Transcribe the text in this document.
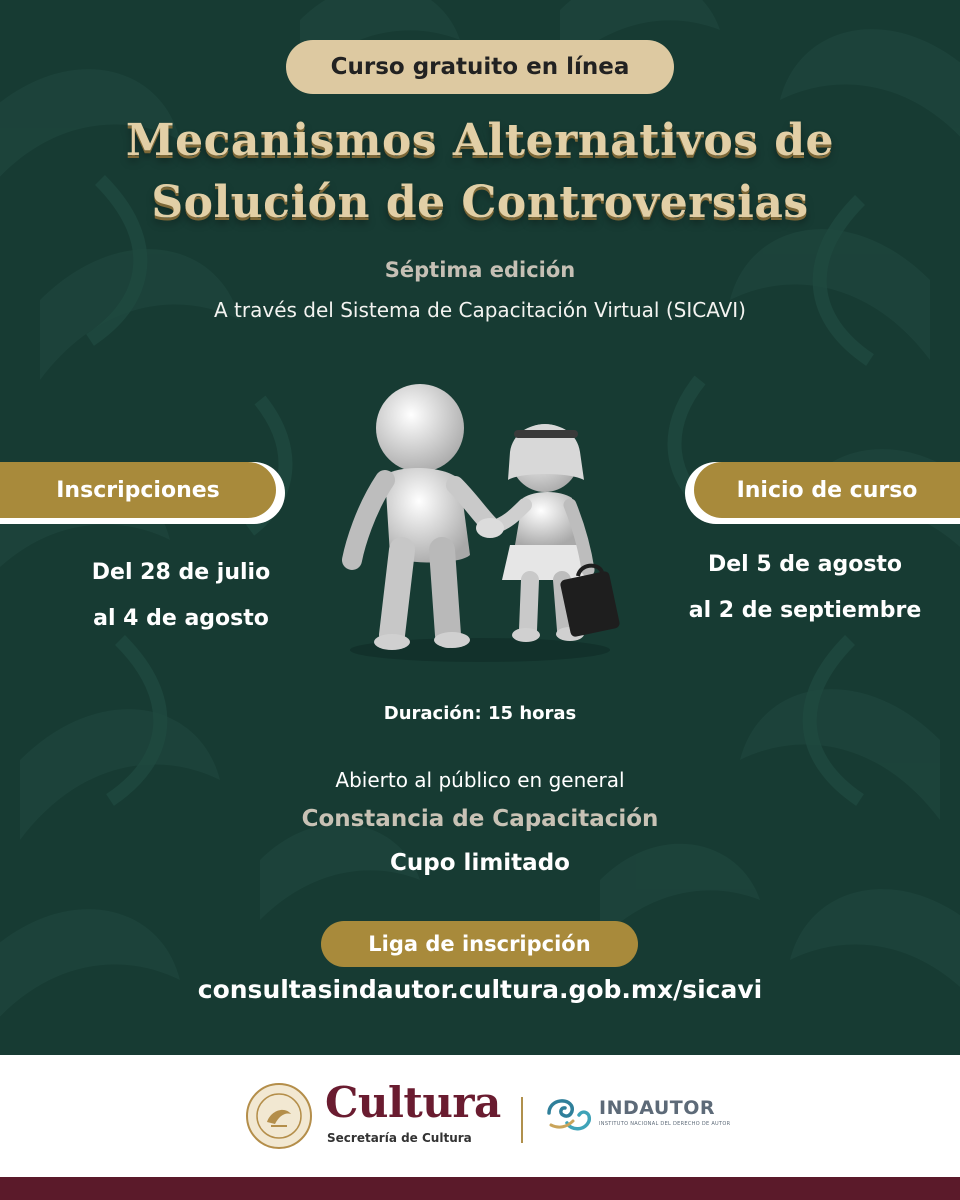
Curso gratuito en línea
Mecanismos Alternativos de
Solución de Controversias
Séptima edición
A través del Sistema de Capacitación Virtual (SICAVI)
Inscripciones
Del 28 de julio
al 4 de agosto
Inicio de curso
Del 5 de agosto
al 2 de septiembre
Duración: 15 horas
Abierto al público en general
Constancia de Capacitación
Cupo limitado
Liga de inscripción
consultasindautor.cultura.gob.mx/sicavi
Cultura
Secretaría de Cultura
INDAUTOR
INSTITUTO NACIONAL DEL DERECHO DE AUTOR
